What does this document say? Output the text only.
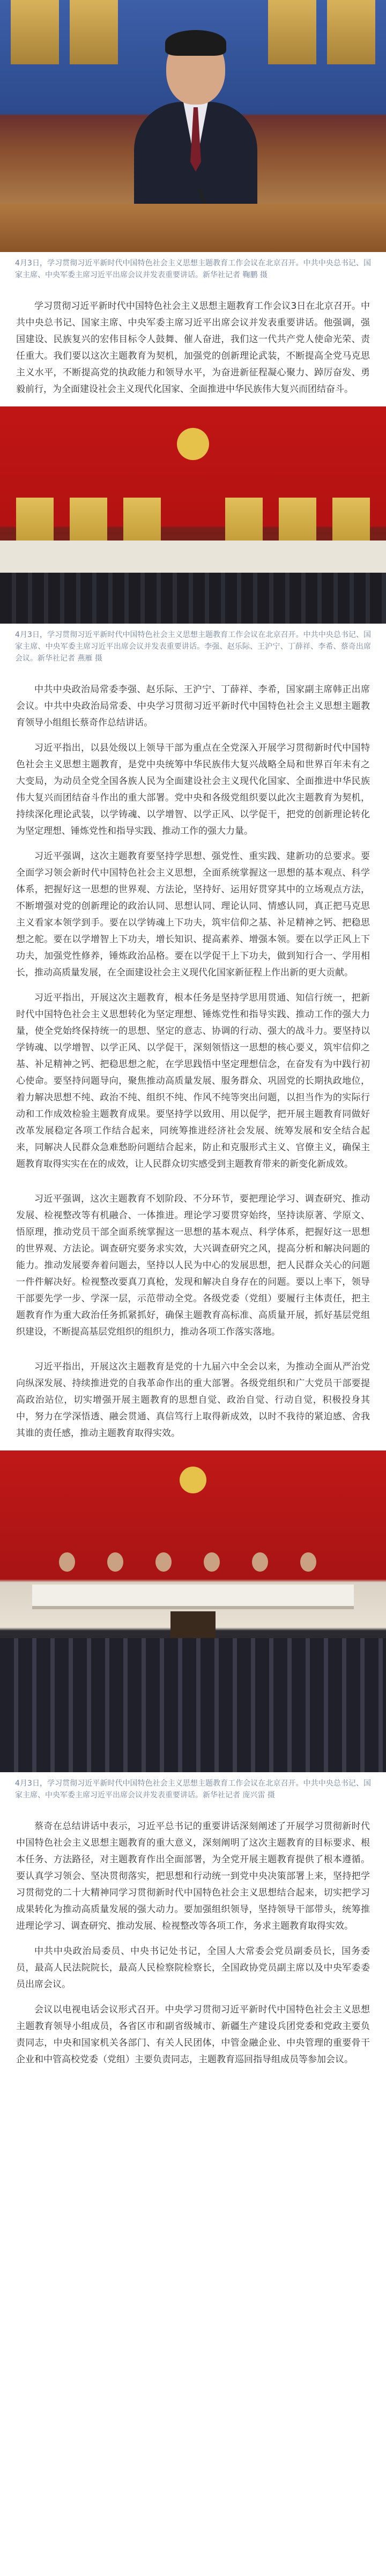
4月3日，学习贯彻习近平新时代中国特色社会主义思想主题教育工作会议在北京召开。中共中央总书记、国家主席、中央军委主席习近平出席会议并发表重要讲话。新华社记者 鞠鹏 摄

学习贯彻习近平新时代中国特色社会主义思想主题教育工作会议3日在北京召开。中共中央总书记、国家主席、中央军委主席习近平出席会议并发表重要讲话。他强调，强国建设、民族复兴的宏伟目标令人鼓舞、催人奋进，我们这一代共产党人使命光荣、责任重大。我们要以这次主题教育为契机，加强党的创新理论武装，不断提高全党马克思主义水平，不断提高党的执政能力和领导水平，为奋进新征程凝心聚力、踔厉奋发、勇毅前行，为全面建设社会主义现代化国家、全面推进中华民族伟大复兴而团结奋斗。

4月3日，学习贯彻习近平新时代中国特色社会主义思想主题教育工作会议在北京召开。中共中央总书记、国家主席、中央军委主席习近平出席会议并发表重要讲话。李强、赵乐际、王沪宁、丁薛祥、李希、蔡奇出席会议。新华社记者 燕雁 摄

中共中央政治局常委李强、赵乐际、王沪宁、丁薛祥、李希，国家副主席韩正出席会议。中共中央政治局常委、中央学习贯彻习近平新时代中国特色社会主义思想主题教育领导小组组长蔡奇作总结讲话。

习近平指出，以县处级以上领导干部为重点在全党深入开展学习贯彻新时代中国特色社会主义思想主题教育，是党中央统筹中华民族伟大复兴战略全局和世界百年未有之大变局，为动员全党全国各族人民为全面建设社会主义现代化国家、全面推进中华民族伟大复兴而团结奋斗作出的重大部署。党中央和各级党组织要以此次主题教育为契机，持续深化理论武装，以学铸魂、以学增智、以学正风、以学促干，把党的创新理论转化为坚定理想、锤炼党性和指导实践、推动工作的强大力量。

习近平强调，这次主题教育要坚持学思想、强党性、重实践、建新功的总要求。要全面学习领会新时代中国特色社会主义思想，全面系统掌握这一思想的基本观点、科学体系，把握好这一思想的世界观、方法论，坚持好、运用好贯穿其中的立场观点方法，不断增强对党的创新理论的政治认同、思想认同、理论认同、情感认同，真正把马克思主义看家本领学到手。要在以学铸魂上下功夫，筑牢信仰之基、补足精神之钙、把稳思想之舵。要在以学增智上下功夫，增长知识、提高素养、增强本领。要在以学正风上下功夫，加强党性修养，锤炼政治品格。要在以学促干上下功夫，做到知行合一、学用相长，推动高质量发展，在全面建设社会主义现代化国家新征程上作出新的更大贡献。

习近平指出，开展这次主题教育，根本任务是坚持学思用贯通、知信行统一，把新时代中国特色社会主义思想转化为坚定理想、锤炼党性和指导实践、推动工作的强大力量，使全党始终保持统一的思想、坚定的意志、协调的行动、强大的战斗力。要坚持以学铸魂、以学增智、以学正风、以学促干，深刻领悟这一思想的核心要义，筑牢信仰之基、补足精神之钙、把稳思想之舵，在学思践悟中坚定理想信念，在奋发有为中践行初心使命。要坚持问题导向，聚焦推动高质量发展、服务群众、巩固党的长期执政地位，着力解决思想不纯、政治不纯、组织不纯、作风不纯等突出问题，以担当作为的实际行动和工作成效检验主题教育成果。要坚持学以致用、用以促学，把开展主题教育同做好改革发展稳定各项工作结合起来，同统筹推进经济社会发展、统筹发展和安全结合起来，同解决人民群众急难愁盼问题结合起来，防止和克服形式主义、官僚主义，确保主题教育取得实实在在的成效，让人民群众切实感受到主题教育带来的新变化新成效。

习近平强调，这次主题教育不划阶段、不分环节，要把理论学习、调查研究、推动发展、检视整改等有机融合、一体推进。理论学习要贯穿始终，坚持读原著、学原文、悟原理，推动党员干部全面系统掌握这一思想的基本观点、科学体系，把握好这一思想的世界观、方法论。调查研究要务求实效，大兴调查研究之风，提高分析和解决问题的能力。推动发展要奔着问题去，坚持以人民为中心的发展思想，把人民群众关心的问题一件件解决好。检视整改要真刀真枪，发现和解决自身存在的问题。要以上率下，领导干部要先学一步、学深一层，示范带动全党。各级党委（党组）要履行主体责任，把主题教育作为重大政治任务抓紧抓好，确保主题教育高标准、高质量开展，抓好基层党组织建设，不断提高基层党组织的组织力，推动各项工作落实落地。

习近平指出，开展这次主题教育是党的十九届六中全会以来，为推动全面从严治党向纵深发展、持续推进党的自我革命作出的重大部署。各级党组织和广大党员干部要提高政治站位，切实增强开展主题教育的思想自觉、政治自觉、行动自觉，积极投身其中，努力在学深悟透、融会贯通、真信笃行上取得新成效，以时不我待的紧迫感、舍我其谁的责任感，推动主题教育取得实效。

4月3日，学习贯彻习近平新时代中国特色社会主义思想主题教育工作会议在北京召开。中共中央总书记、国家主席、中央军委主席习近平出席会议并发表重要讲话。新华社记者 庞兴雷 摄

蔡奇在总结讲话中表示，习近平总书记的重要讲话深刻阐述了开展学习贯彻新时代中国特色社会主义思想主题教育的重大意义，深刻阐明了这次主题教育的目标要求、根本任务、方法路径，对主题教育作出全面部署，为全党开展主题教育提供了根本遵循。要认真学习领会、坚决贯彻落实，把思想和行动统一到党中央决策部署上来，坚持把学习贯彻党的二十大精神同学习贯彻新时代中国特色社会主义思想结合起来，切实把学习成果转化为推动高质量发展的强大动力。要加强组织领导，坚持领导干部带头，统筹推进理论学习、调查研究、推动发展、检视整改等各项工作，务求主题教育取得实效。

中共中央政治局委员、中央书记处书记，全国人大常委会党员副委员长，国务委员，最高人民法院院长，最高人民检察院检察长，全国政协党员副主席以及中央军委委员出席会议。

会议以电视电话会议形式召开。中央学习贯彻习近平新时代中国特色社会主义思想主题教育领导小组成员，各省区市和副省级城市、新疆生产建设兵团党委和党政主要负责同志，中央和国家机关各部门、有关人民团体，中管金融企业、中央管理的重要骨干企业和中管高校党委（党组）主要负责同志，主题教育巡回指导组成员等参加会议。
